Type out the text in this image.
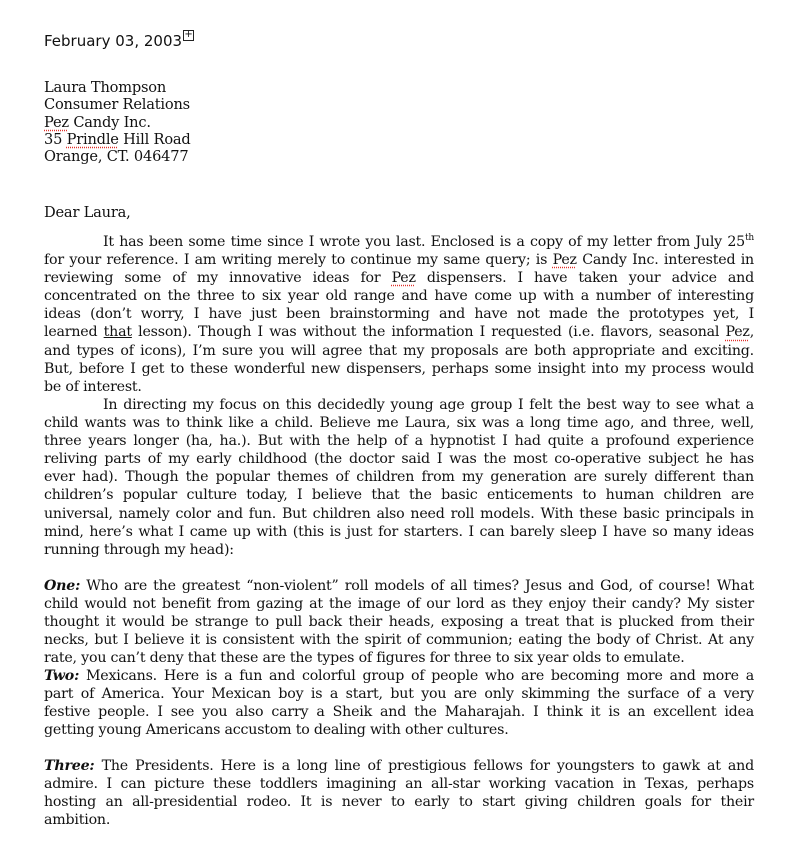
February 03, 2003 +
Laura Thompson
Consumer Relations
Pez Candy Inc.
35 Prindle Hill Road
Orange, CT. 046477
Dear Laura,
It has been some time since I wrote you last. Enclosed is a copy of my letter from July 25th
for your reference. I am writing merely to continue my same query; is Pez Candy Inc. interested in
reviewing some of my innovative ideas for Pez dispensers. I have taken your advice and
concentrated on the three to six year old range and have come up with a number of interesting
ideas (don’t worry, I have just been brainstorming and have not made the prototypes yet, I
learned that lesson). Though I was without the information I requested (i.e. flavors, seasonal Pez,
and types of icons), I’m sure you will agree that my proposals are both appropriate and exciting.
But, before I get to these wonderful new dispensers, perhaps some insight into my process would
be of interest.
In directing my focus on this decidedly young age group I felt the best way to see what a
child wants was to think like a child. Believe me Laura, six was a long time ago, and three, well,
three years longer (ha, ha.). But with the help of a hypnotist I had quite a profound experience
reliving parts of my early childhood (the doctor said I was the most co-operative subject he has
ever had). Though the popular themes of children from my generation are surely different than
children’s popular culture today, I believe that the basic enticements to human children are
universal, namely color and fun. But children also need roll models. With these basic principals in
mind, here’s what I came up with (this is just for starters. I can barely sleep I have so many ideas
running through my head):
One: Who are the greatest “non-violent” roll models of all times? Jesus and God, of course! What
child would not benefit from gazing at the image of our lord as they enjoy their candy? My sister
thought it would be strange to pull back their heads, exposing a treat that is plucked from their
necks, but I believe it is consistent with the spirit of communion; eating the body of Christ. At any
rate, you can’t deny that these are the types of figures for three to six year olds to emulate.
Two: Mexicans. Here is a fun and colorful group of people who are becoming more and more a
part of America. Your Mexican boy is a start, but you are only skimming the surface of a very
festive people. I see you also carry a Sheik and the Maharajah. I think it is an excellent idea
getting young Americans accustom to dealing with other cultures.
Three: The Presidents. Here is a long line of prestigious fellows for youngsters to gawk at and
admire. I can picture these toddlers imagining an all-star working vacation in Texas, perhaps
hosting an all-presidential rodeo. It is never to early to start giving children goals for their
ambition.
